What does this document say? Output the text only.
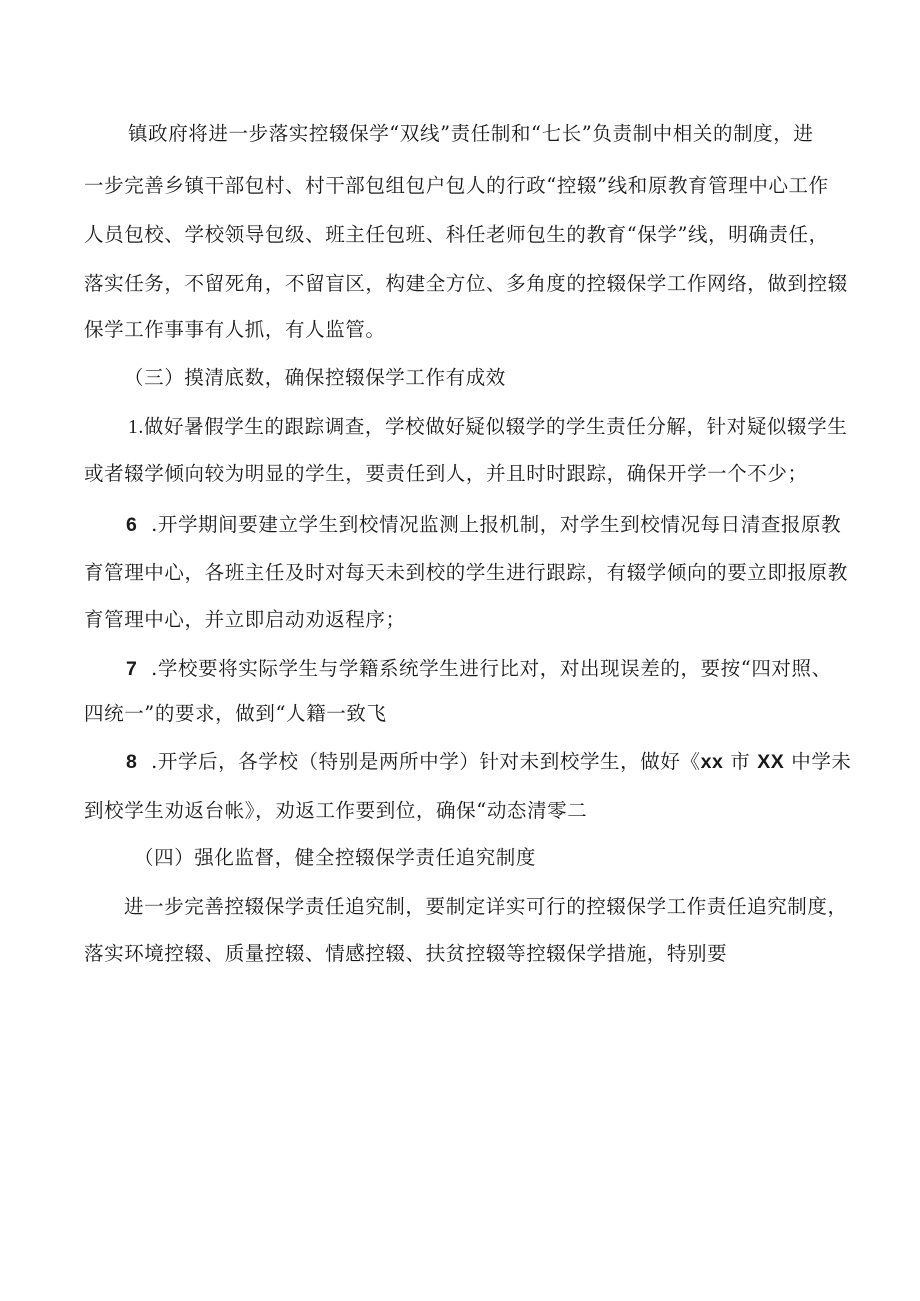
镇政府将进一步落实控辍保学“双线”责任制和“七长”负责制中相关的制度，进
一步完善乡镇干部包村、村干部包组包户包人的行政“控辍”线和原教育管理中心工作
人员包校、学校领导包级、班主任包班、科任老师包生的教育“保学”线，明确责任，
落实任务，不留死角，不留盲区，构建全方位、多角度的控辍保学工作网络，做到控辍
保学工作事事有人抓，有人监管。
（三）摸清底数，确保控辍保学工作有成效
1.做好暑假学生的跟踪调查，学校做好疑似辍学的学生责任分解，针对疑似辍学生
或者辍学倾向较为明显的学生，要责任到人，并且时时跟踪，确保开学一个不少；
6 .开学期间要建立学生到校情况监测上报机制，对学生到校情况每日清查报原教
育管理中心，各班主任及时对每天未到校的学生进行跟踪，有辍学倾向的要立即报原教
育管理中心，并立即启动劝返程序；
7 .学校要将实际学生与学籍系统学生进行比对，对出现误差的，要按“四对照、
四统一”的要求，做到“人籍一致飞
8 .开学后，各学校（特别是两所中学）针对未到校学生，做好《xx 市 XX 中学未
到校学生劝返台帐》，劝返工作要到位，确保“动态清零二
（四）强化监督，健全控辍保学责任追究制度
进一步完善控辍保学责任追究制，要制定详实可行的控辍保学工作责任追究制度，
落实环境控辍、质量控辍、情感控辍、扶贫控辍等控辍保学措施，特别要
